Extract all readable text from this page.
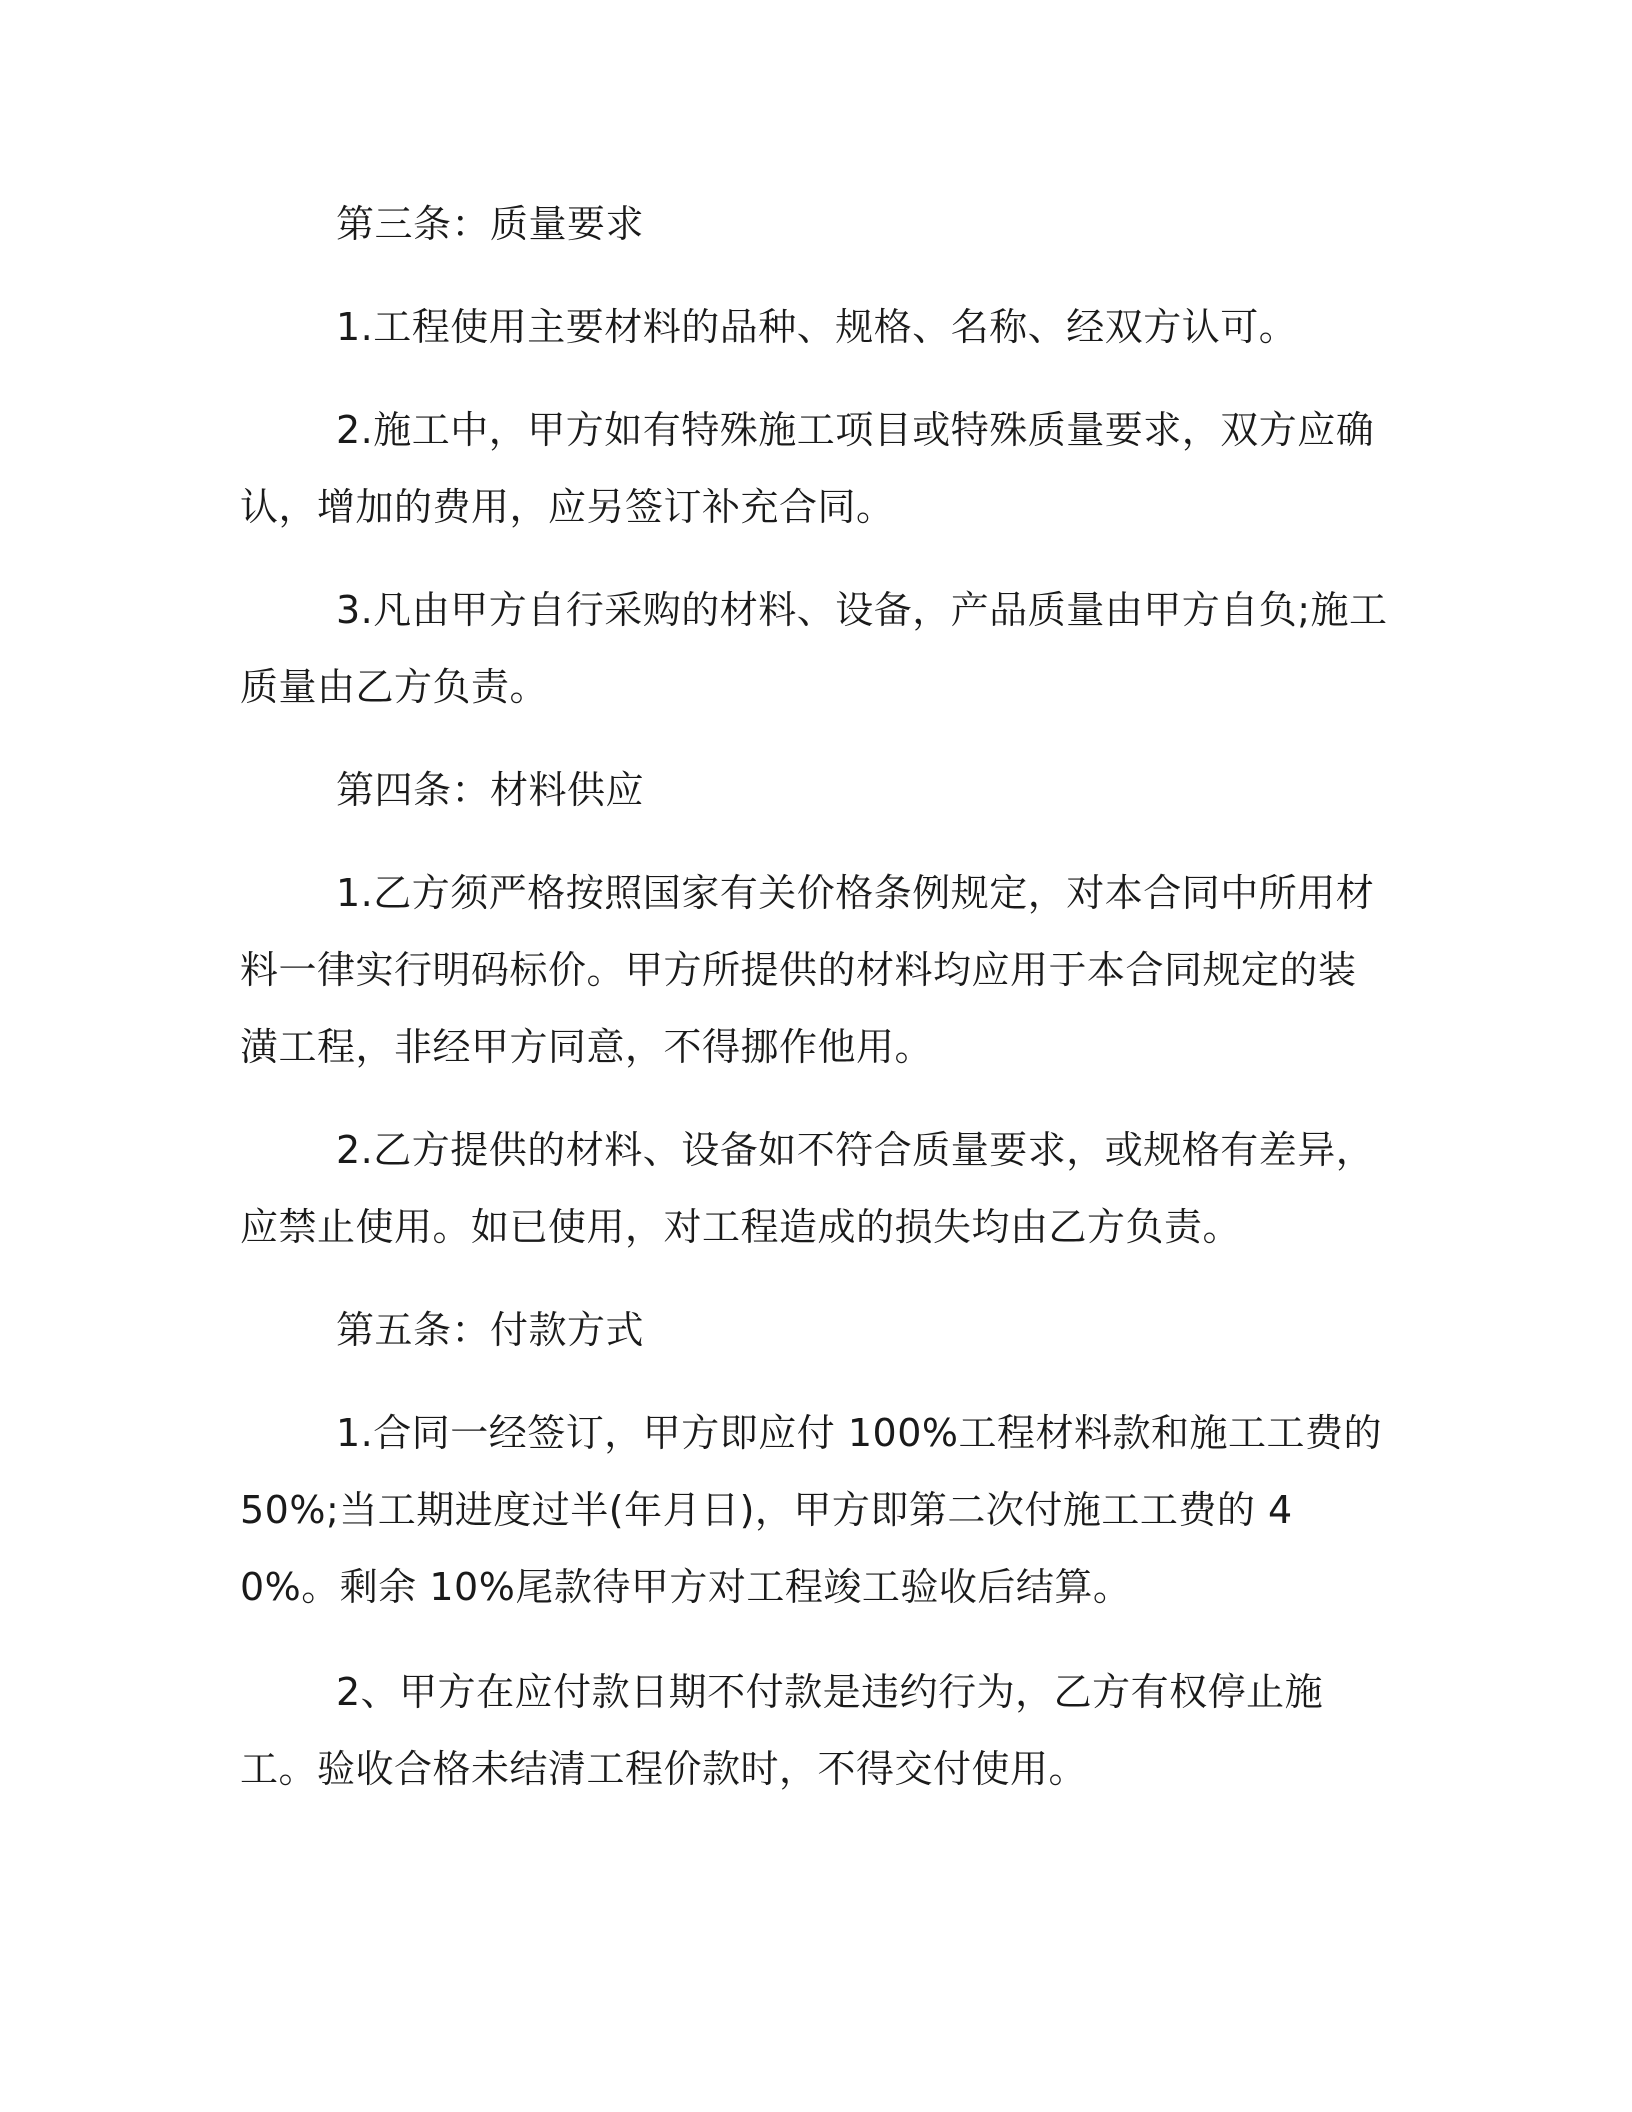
第三条：质量要求

1.工程使用主要材料的品种、规格、名称、经双方认可。

2.施工中，甲方如有特殊施工项目或特殊质量要求，双方应确认，增加的费用，应另签订补充合同。

3.凡由甲方自行采购的材料、设备，产品质量由甲方自负;施工质量由乙方负责。

第四条：材料供应

1.乙方须严格按照国家有关价格条例规定，对本合同中所用材料一律实行明码标价。甲方所提供的材料均应用于本合同规定的装潢工程，非经甲方同意，不得挪作他用。

2.乙方提供的材料、设备如不符合质量要求，或规格有差异，应禁止使用。如已使用，对工程造成的损失均由乙方负责。

第五条：付款方式

1.合同一经签订，甲方即应付 100%工程材料款和施工工费的50%;当工期进度过半(年月日)，甲方即第二次付施工工费的 40%。剩余 10%尾款待甲方对工程竣工验收后结算。

2、甲方在应付款日期不付款是违约行为，乙方有权停止施工。验收合格未结清工程价款时，不得交付使用。
